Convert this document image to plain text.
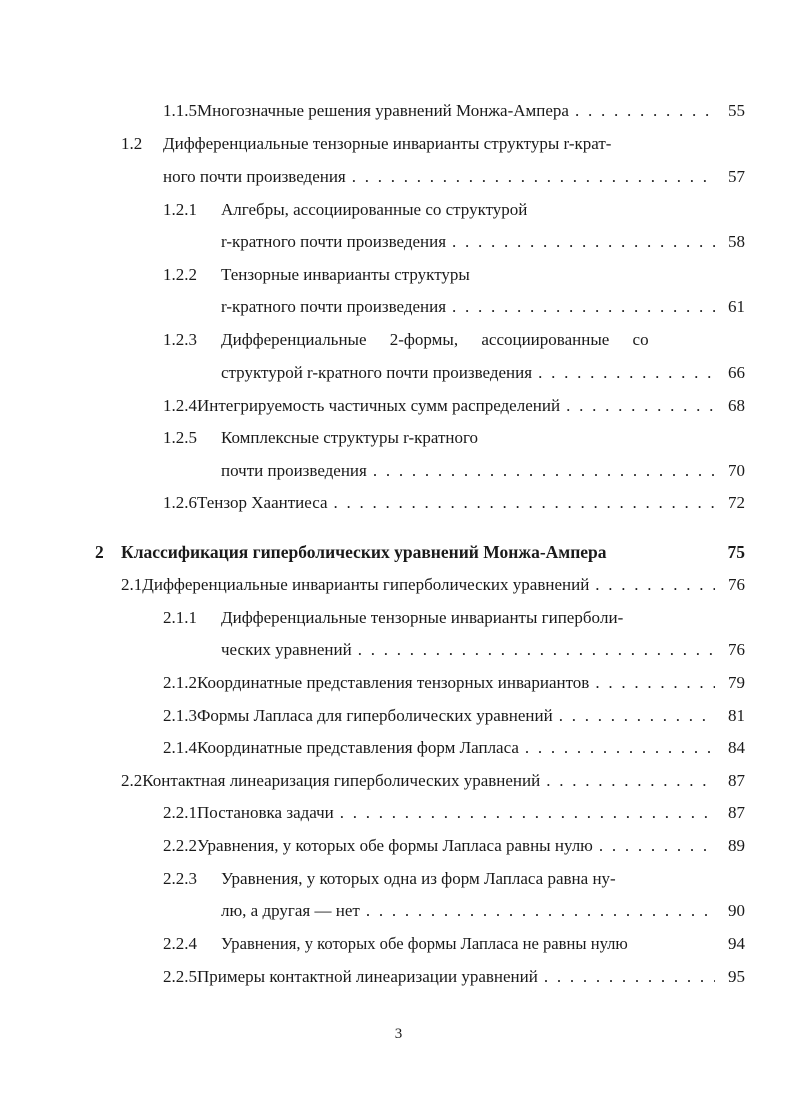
1.1.5 Многозначные решения уравнений Монжа-Ампера . . .	55
1.2	Дифференциальные тензорные инварианты структуры r-крат-
ного почти произведения . . .	57
1.2.1	Алгебры, ассоциированные со структурой
r-кратного почти произведения . . .	58
1.2.2	Тензорные инварианты структуры
r-кратного почти произведения . . .	61
1.2.3	Дифференциальные 2-формы, ассоциированные со
структурой r-кратного почти произведения . . .	66
1.2.4 Интегрируемость частичных сумм распределений . . .	68
1.2.5	Комплексные структуры r-кратного
почти произведения . . .	70
1.2.6 Тензор Хаантиеса . . .	72
2 Классификация гиперболических уравнений Монжа-Ампера	75
2.1 Дифференциальные инварианты гиперболических уравнений . . .	76
2.1.1	Дифференциальные тензорные инварианты гипербoли-
ческих уравнений . . .	76
2.1.2 Координатные представления тензорных инвариантов . . .	79
2.1.3 Формы Лапласа для гиперболических уравнений . . .	81
2.1.4 Координатные представления форм Лапласа . . .	84
2.2 Контактная линеаризация гиперболических уравнений . . .	87
2.2.1 Постановка задачи . . .	87
2.2.2 Уравнения, у которых обе формы Лапласа равны нулю . . .	89
2.2.3	Уравнения, у которых одна из форм Лапласа равна ну-
лю, а другая — нет . . .	90
2.2.4	Уравнения, у которых обе формы Лапласа не равны нулю	94
2.2.5 Примеры контактной линеаризации уравнений . . .	95
3
